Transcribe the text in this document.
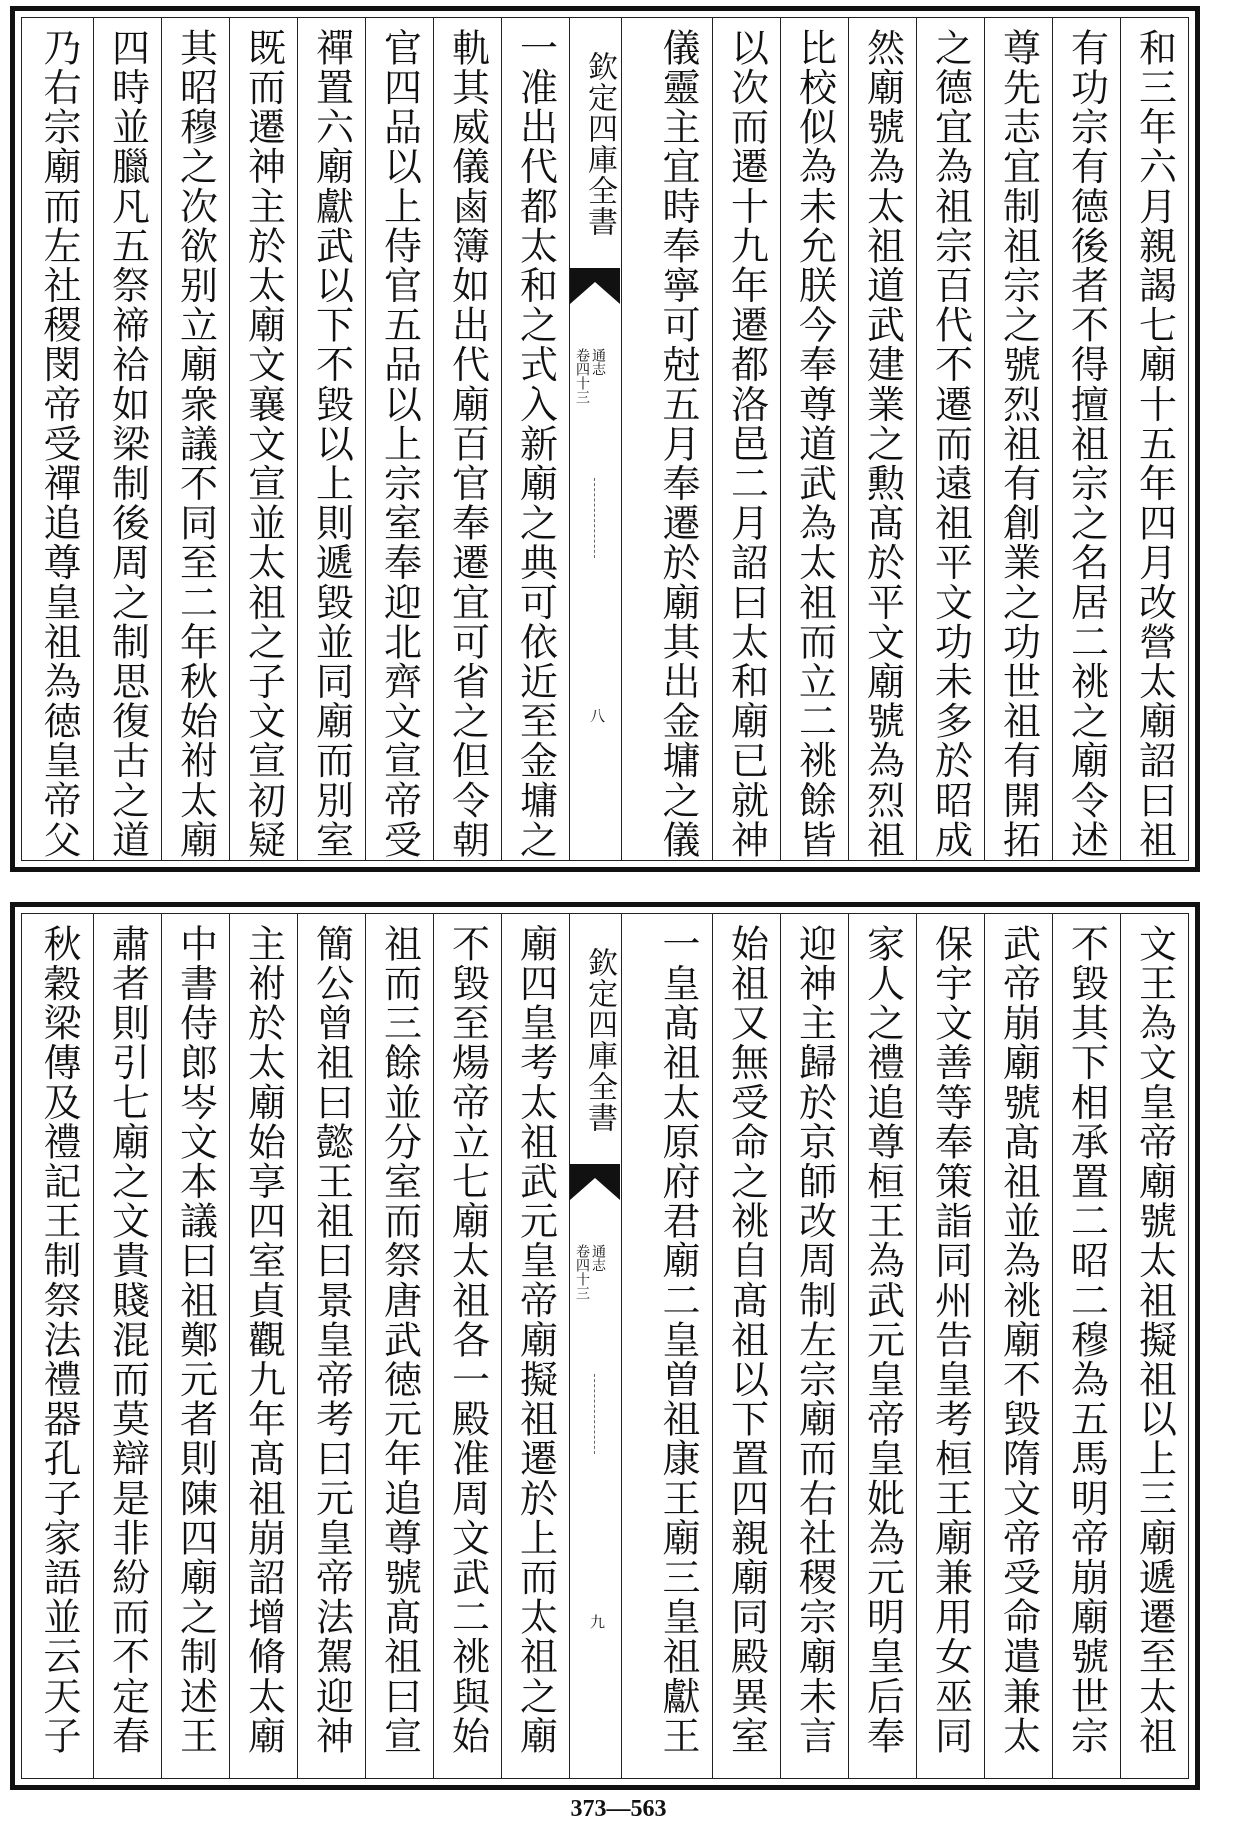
和三年六月親謁七廟十五年四月改營太廟詔曰祖
有功宗有德後者不得擅祖宗之名居二祧之廟令述
尊先志宜制祖宗之號烈祖有創業之功世祖有開拓
之德宜為祖宗百代不遷而遠祖平文功未多於昭成
然廟號為太祖道武建業之勲髙於平文廟號為烈祖
比校似為未允朕今奉尊道武為太祖而立二祧餘皆
以次而遷十九年遷都洛邑二月詔曰太和廟已就神
儀靈主宜時奉寧可尅五月奉遷於廟其出金墉之儀
欽定四庫全書
通志
卷四十三
八
一准出代都太和之式入新廟之典可依近至金墉之
軌其威儀鹵簿如出代廟百官奉遷宜可省之但令朝
官四品以上侍官五品以上宗室奉迎北齊文宣帝受
禪置六廟獻武以下不毀以上則遞毀並同廟而別室
既而遷神主於太廟文襄文宣並太祖之子文宣初疑
其昭穆之次欲别立廟衆議不同至二年秋始祔太廟
四時並臘凡五祭禘祫如梁制後周之制思復古之道
乃右宗廟而左社稷閔帝受禪追尊皇祖為徳皇帝父
文王為文皇帝廟號太祖擬祖以上三廟遞遷至太祖
不毀其下相承置二昭二穆為五馬明帝崩廟號世宗
武帝崩廟號髙祖並為祧廟不毀隋文帝受命遣兼太
保宇文善等奉策詣同州告皇考桓王廟兼用女巫同
家人之禮追尊桓王為武元皇帝皇妣為元明皇后奉
迎神主歸於京師改周制左宗廟而右社稷宗廟未言
始祖又無受命之祧自髙祖以下置四親廟同殿異室
一皇髙祖太原府君廟二皇曽祖康王廟三皇祖獻王
欽定四庫全書
通志
卷四十三
九
廟四皇考太祖武元皇帝廟擬祖遷於上而太祖之廟
不毀至煬帝立七廟太祖各一殿准周文武二祧與始
祖而三餘並分室而祭唐武徳元年追尊號髙祖曰宣
簡公曾祖曰懿王祖曰景皇帝考曰元皇帝法駕迎神
主祔於太廟始享四室貞觀九年髙祖崩詔增脩太廟
中書侍郎岑文本議曰祖鄭元者則陳四廟之制述王
肅者則引七廟之文貴賤混而莫辯是非紛而不定春
秋穀梁傳及禮記王制祭法禮器孔子家語並云天子
373—563
